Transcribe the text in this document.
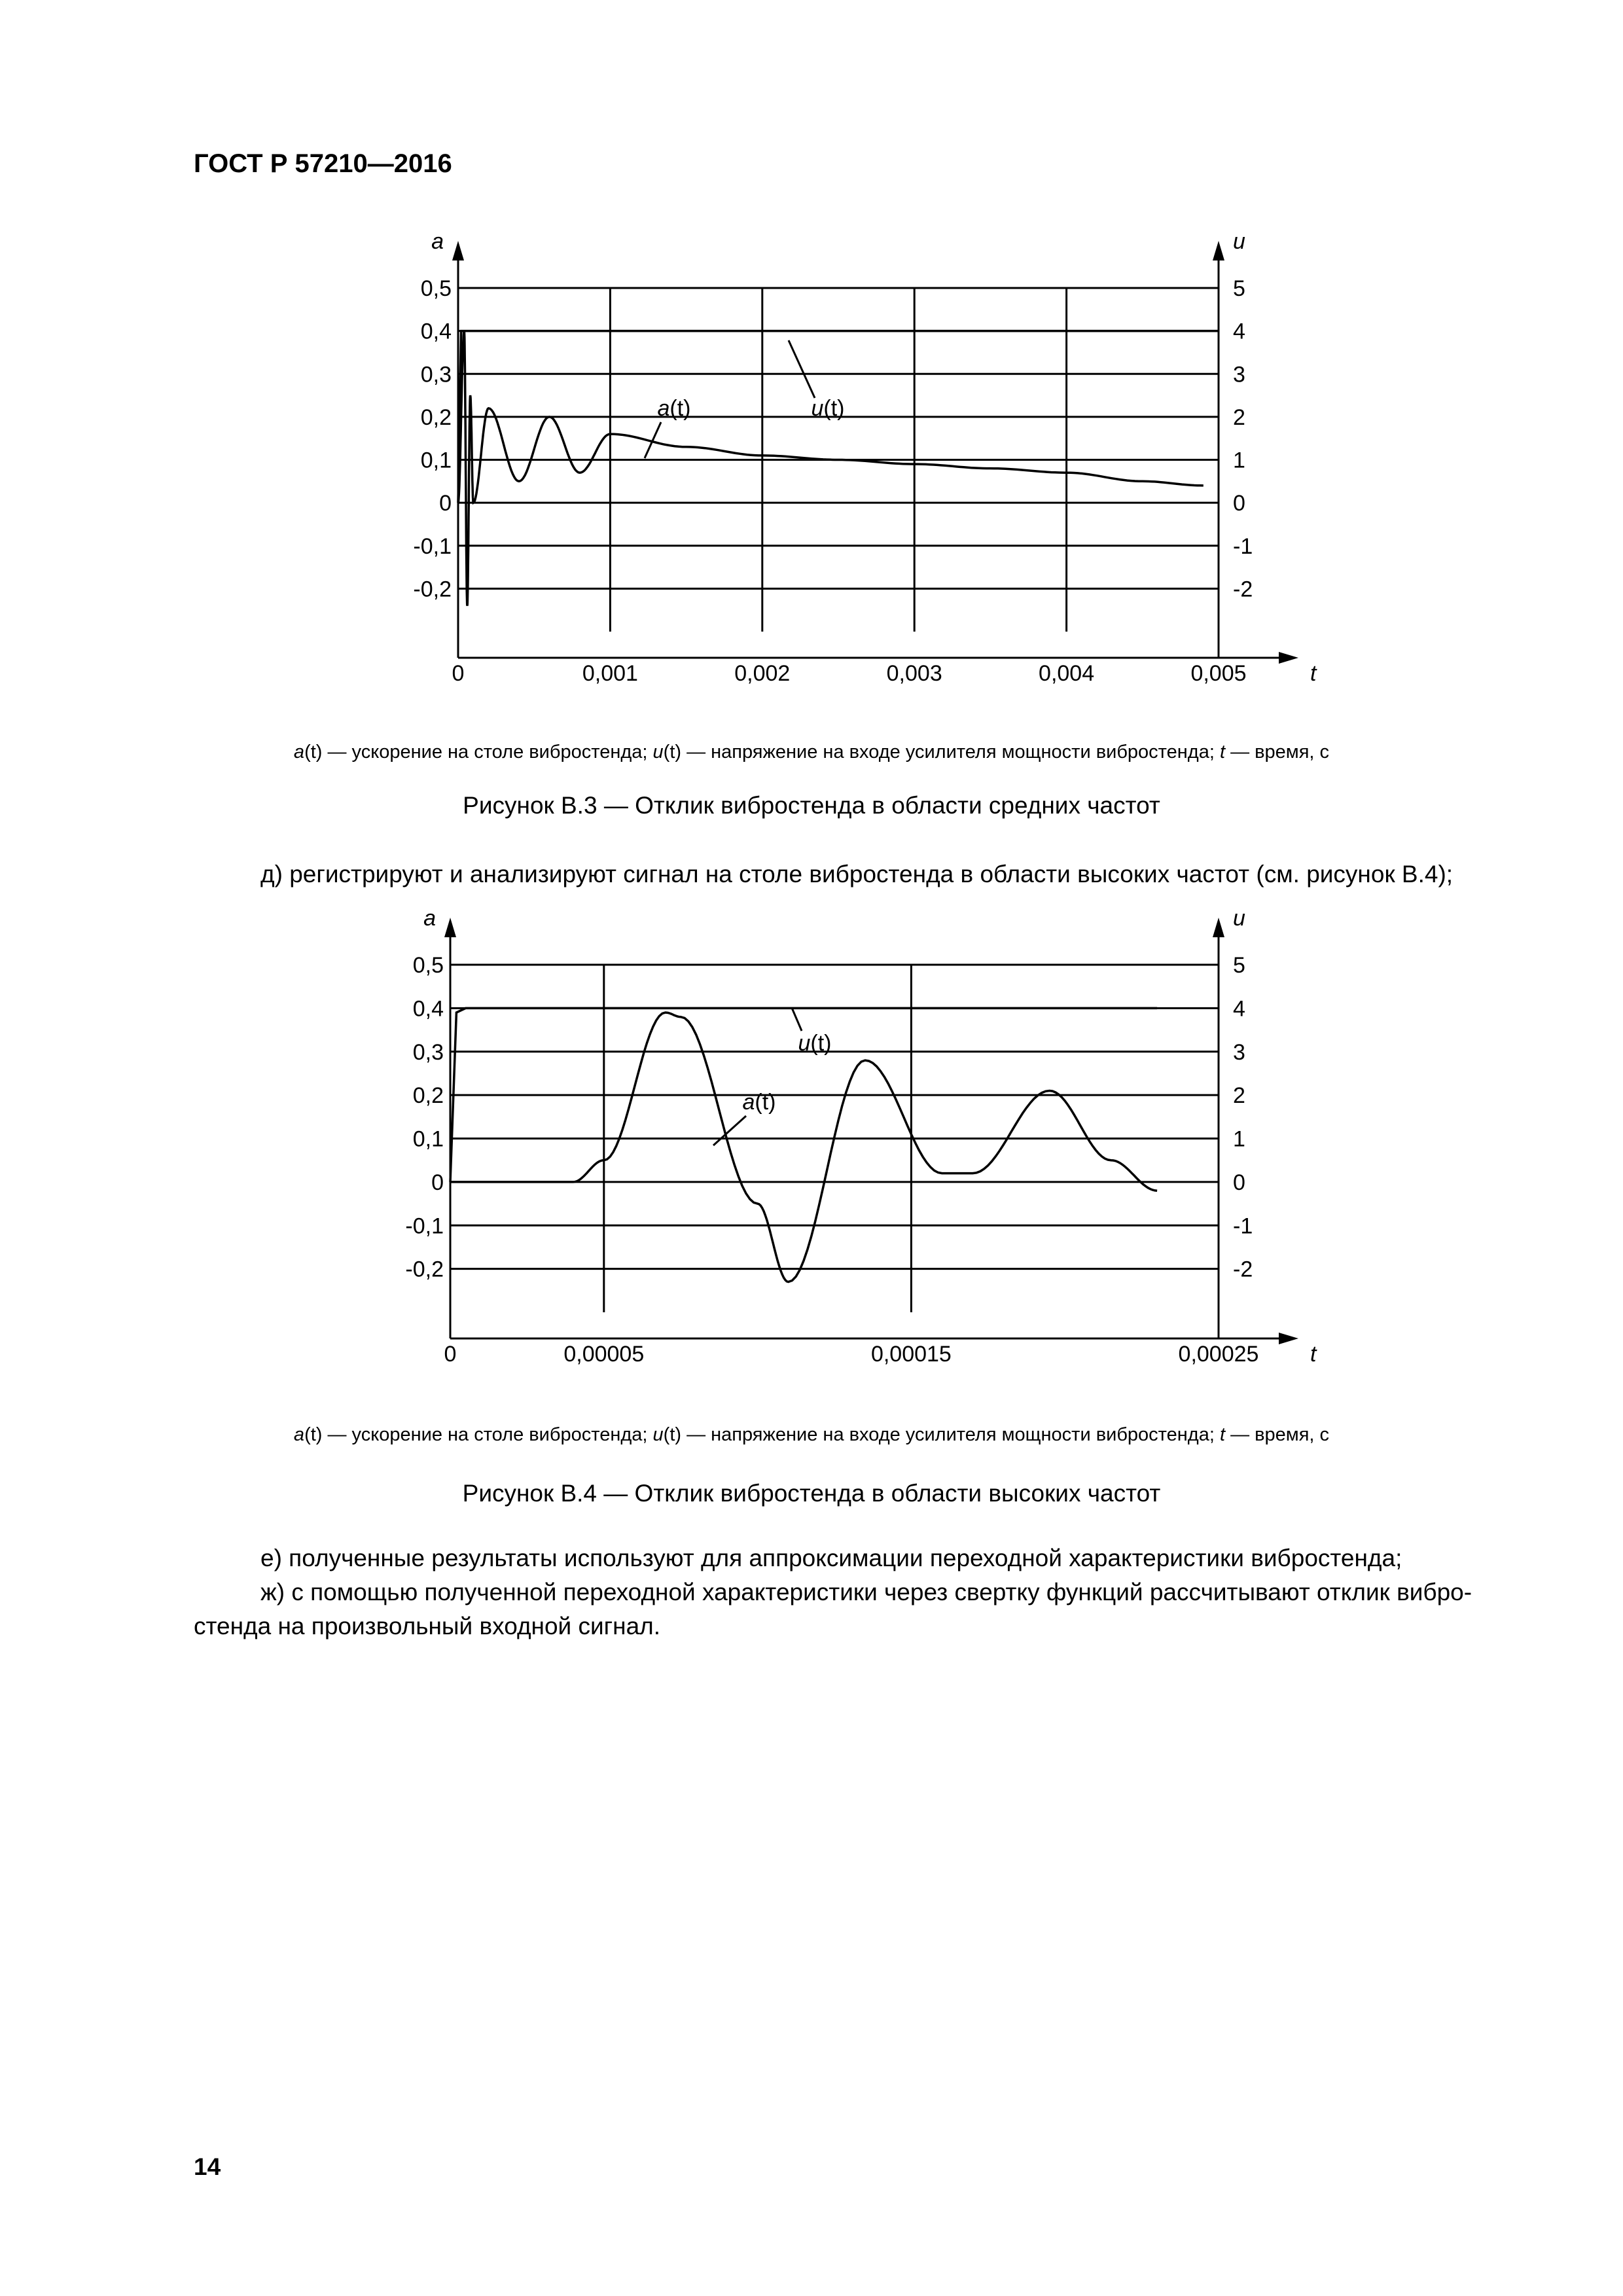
ГОСТ Р 57210—2016
a	u
t
0,5	5
0,4	4
0,3	3
0,2	2
0,1	1
0	0
-0,1	-1
-0,2	-2
0	0,001	0,002	0,003	0,004	0,005
a(t)	u(t)
a(t) — ускорение на столе вибростенда; u(t) — напряжение на входе усилителя мощности вибростенда; t — время, с
Рисунок В.3 — Отклик вибростенда в области средних частот
д) регистрируют и анализируют сигнал на столе вибростенда в области высоких частот (см. рисунок В.4);
a	u
t
0,5	5
0,4	4
0,3	3
0,2	2
0,1	1
0	0
-0,1	-1
-0,2	-2
0	0,00005	0,00015	0,00025
u(t)
a(t)
a(t) — ускорение на столе вибростенда; u(t) — напряжение на входе усилителя мощности вибростенда; t — время, с
Рисунок В.4 — Отклик вибростенда в области высоких частот
е) полученные результаты используют для аппроксимации переходной характеристики вибростенда;
ж) с помощью полученной переходной характеристики через свертку функций рассчитывают отклик вибро-
стенда на произвольный входной сигнал.
14
